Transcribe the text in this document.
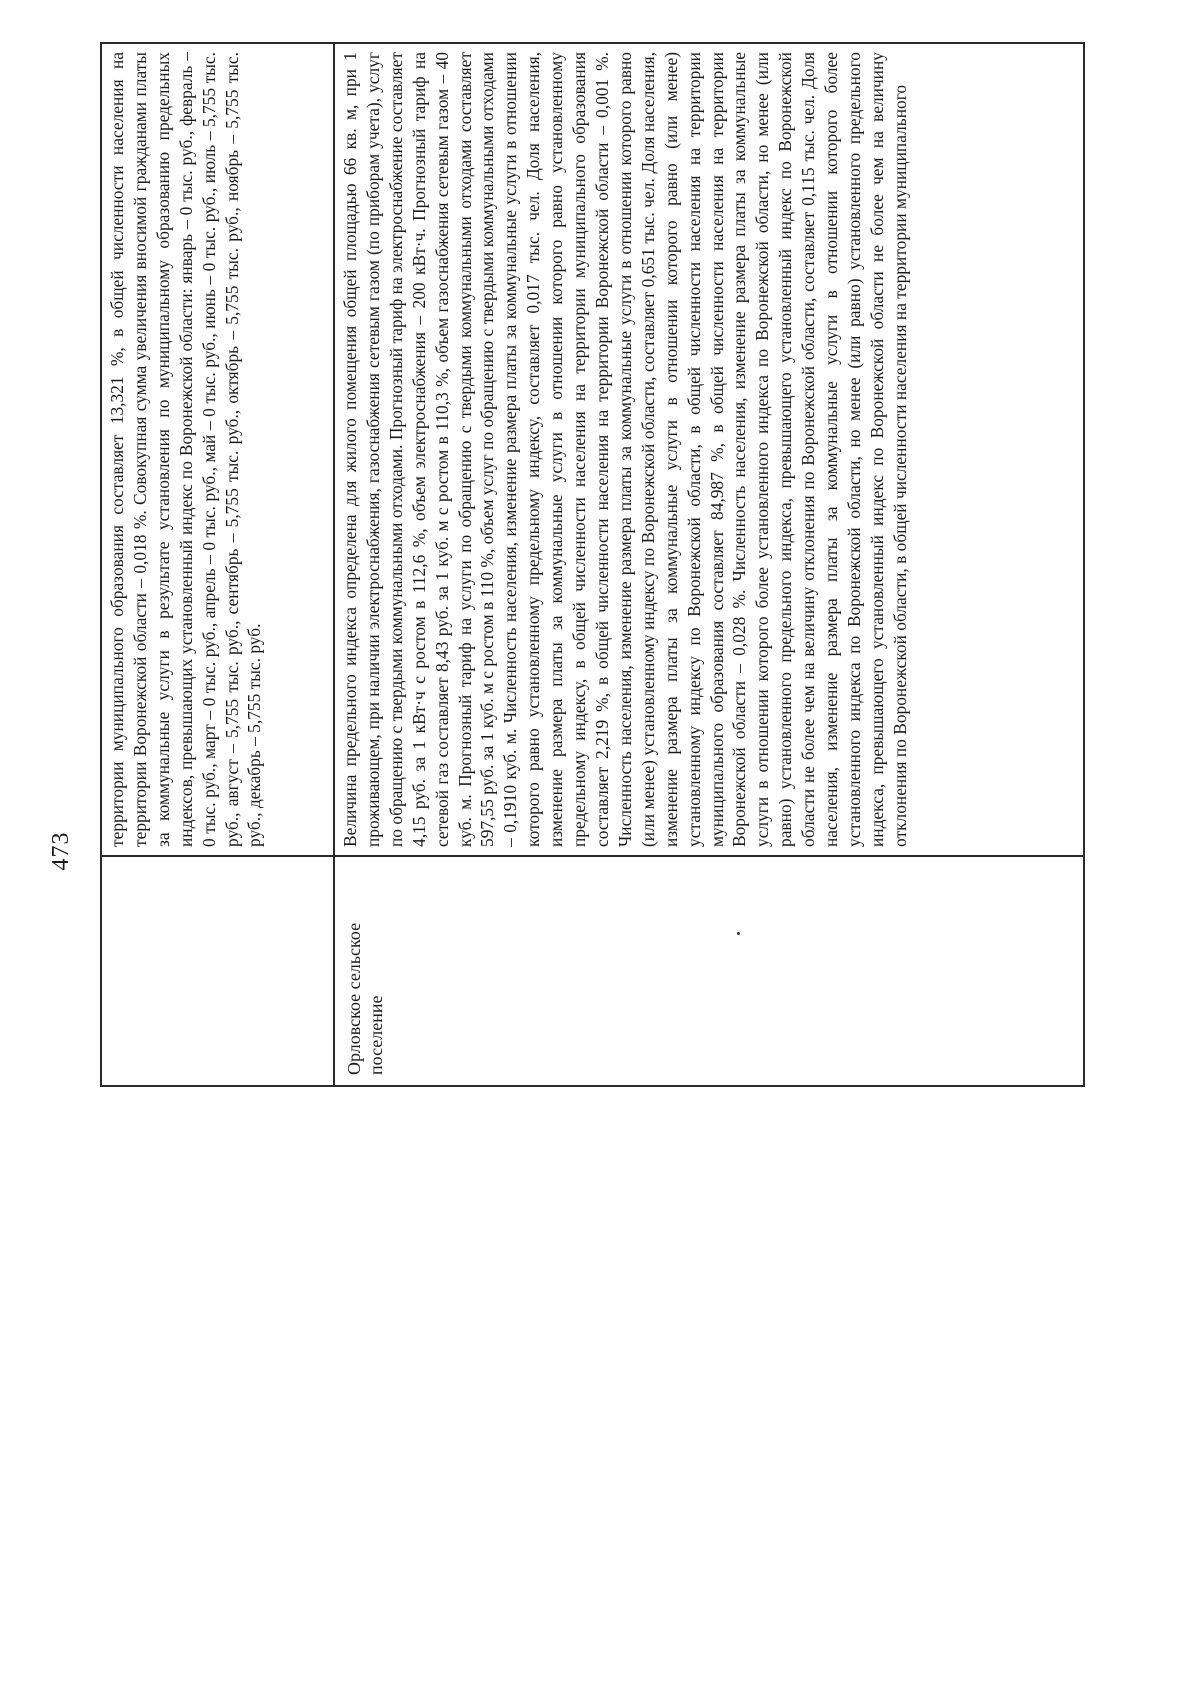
473
территории муниципального образования составляет 13,321 %, в общей численности населения на территории Воронежской области – 0,018 %. Совокупная сумма увеличения вносимой гражданами платы за коммунальные услуги в результате установления по муниципальному образованию предельных индексов, превышающих установленный индекс по Воронежской области: январь – 0 тыс. руб., февраль – 0 тыс. руб., март – 0 тыс. руб., апрель – 0 тыс. руб., май – 0 тыс. руб., июнь – 0 тыс. руб., июль – 5,755 тыс. руб., август – 5,755 тыс. руб., сентябрь – 5,755 тыс. руб., октябрь – 5,755 тыс. руб., ноябрь – 5,755 тыс. руб., декабрь – 5,755 тыс. руб.
Орловское сельское поселение
Величина предельного индекса определена для жилого помещения общей площадью 66 кв. м, при 1 проживающем, при наличии электроснабжения, газоснабжения сетевым газом (по приборам учета), услуг по обращению с твердыми коммунальными отходами. Прогнозный тариф на электроснабжение составляет 4,15 руб. за 1 кВт·ч с ростом в 112,6 %, объем электроснабжения – 200 кВт·ч. Прогнозный тариф на сетевой газ составляет 8,43 руб. за 1 куб. м с ростом в 110,3 %, объем газоснабжения сетевым газом – 40 куб. м. Прогнозный тариф на услуги по обращению с твердыми коммунальными отходами составляет 597,55 руб. за 1 куб. м с ростом в 110 %, объем услуг по обращению с твердыми коммунальными отходами – 0,1910 куб. м. Численность населения, изменение размера платы за коммунальные услуги в отношении которого равно установленному предельному индексу, составляет 0,017 тыс. чел. Доля населения, изменение размера платы за коммунальные услуги в отношении которого равно установленному предельному индексу, в общей численности населения на территории муниципального образования составляет 2,219 %, в общей численности населения на территории Воронежской области – 0,001 %. Численность населения, изменение размера платы за коммунальные услуги в отношении которого равно (или менее) установленному индексу по Воронежской области, составляет 0,651 тыс. чел. Доля населения, изменение размера платы за коммунальные услуги в отношении которого равно (или менее) установленному индексу по Воронежской области, в общей численности населения на территории муниципального образования составляет 84,987 %, в общей численности населения на территории Воронежской области – 0,028 %. Численность населения, изменение размера платы за коммунальные услуги в отношении которого более установленного индекса по Воронежской области, но менее (или равно) установленного предельного индекса, превышающего установленный индекс по Воронежской области не более чем на величину отклонения по Воронежской области, составляет 0,115 тыс. чел. Доля населения, изменение размера платы за коммунальные услуги в отношении которого более установленного индекса по Воронежской области, но менее (или равно) установленного предельного индекса, превышающего установленный индекс по Воронежской области не более чем на величину отклонения по Воронежской области, в общей численности населения на территории муниципального
